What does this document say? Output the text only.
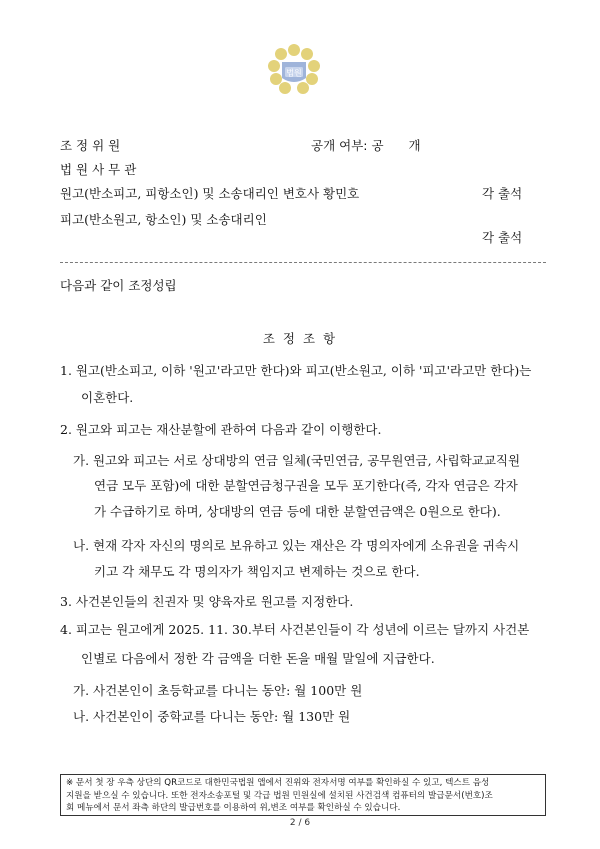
법원
조 정 위 원	공개 여부: 공　　개
법 원 사 무 관
원고(반소피고, 피항소인) 및 소송대리인 변호사 황민호	각 출석
피고(반소원고, 항소인) 및 소송대리인
각 출석
다음과 같이 조정성립
조 정 조 항
1. 원고(반소피고, 이하 '원고'라고만 한다)와 피고(반소원고, 이하 '피고'라고만 한다)는
이혼한다.
2. 원고와 피고는 재산분할에 관하여 다음과 같이 이행한다.
가. 원고와 피고는 서로 상대방의 연금 일체(국민연금, 공무원연금, 사립학교교직원
연금 모두 포함)에 대한 분할연금청구권을 모두 포기한다(즉, 각자 연금은 각자
가 수급하기로 하며, 상대방의 연금 등에 대한 분할연금액은 0원으로 한다).
나. 현재 각자 자신의 명의로 보유하고 있는 재산은 각 명의자에게 소유권을 귀속시
키고 각 채무도 각 명의자가 책임지고 변제하는 것으로 한다.
3. 사건본인들의 친권자 및 양육자로 원고를 지정한다.
4. 피고는 원고에게 2025. 11. 30.부터 사건본인들이 각 성년에 이르는 달까지 사건본
인별로 다음에서 정한 각 금액을 더한 돈을 매월 말일에 지급한다.
가. 사건본인이 초등학교를 다니는 동안: 월 100만 원
나. 사건본인이 중학교를 다니는 동안: 월 130만 원
※ 문서 첫 장 우측 상단의 QR코드로 대한민국법원 앱에서 진위와 전자서명 여부를 확인하실 수 있고, 텍스트 음성
지원을 받으실 수 있습니다. 또한 전자소송포털 및 각급 법원 민원실에 설치된 사건검색 컴퓨터의 발급문서(번호)조
회 메뉴에서 문서 좌측 하단의 발급번호를 이용하여 위,변조 여부를 확인하실 수 있습니다.
2 / 6
